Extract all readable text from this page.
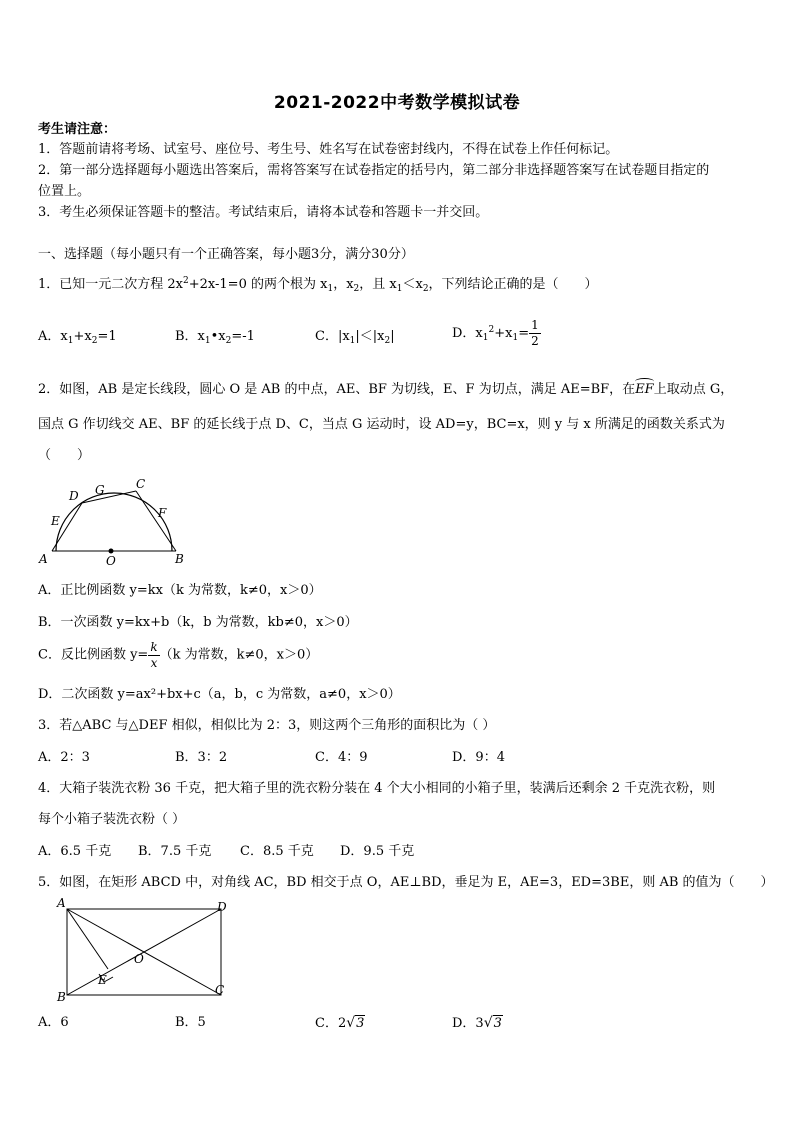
2021-2022中考数学模拟试卷
考生请注意：
1．答题前请将考场、试室号、座位号、考生号、姓名写在试卷密封线内，不得在试卷上作任何标记。
2．第一部分选择题每小题选出答案后，需将答案写在试卷指定的括号内，第二部分非选择题答案写在试卷题目指定的
位置上。
3．考生必须保证答题卡的整洁。考试结束后，请将本试卷和答题卡一并交回。
一、选择题（每小题只有一个正确答案，每小题3分，满分30分）
1．已知一元二次方程 $2x^2+2x-1=0$ 的两个根为 $x_1$，$x_2$，且 $x_1<x_2$，下列结论正确的是（　　）
A．$x_1+x_2=1$	B．$x_1•x_2=-1$	C．$|x_1|<|x_2|$	D．$x_1^2+x_1= \frac{1}{2}$
2．如图，AB 是定长线段，圆心 O 是 AB 的中点，AE、BF 为切线，E、F 为切点，满足 AE=BF，在
EF上取动点 G，
国点 G 作切线交 AE、BF 的延长线于点 D、C，当点 G 运动时，设 AD=y，BC=x，则 y 与 x 所满足的函数关系式为
（　　）
D G	C
E
F
A	O	B
A．正比例函数 y=kx（k 为常数，k≠0，x＞0）
B．一次函数 y=kx+b（k，b 为常数，kb≠0，x＞0）
C．反比例函数 $y= \frac{k}{x} (k$ 为常数，k≠0，x＞0）
D．二次函数 y=ax²+bx+c（a，b，c 为常数，a≠0，x＞0）
3．若△ABC 与△DEF 相似，相似比为 2：3，则这两个三角形的面积比为（ ）
A．2：3	B．3：2	C．4：9	D．9：4
4．大箱子装洗衣粉 36 千克，把大箱子里的洗衣粉分装在 4 个大小相同的小箱子里，装满后还剩余 2 千克洗衣粉，则
每个小箱子装洗衣粉（ ）
A．6.5 千克 B．7.5 千克 C．8.5 千克 D．9.5 千克
5．如图，在矩形 ABCD 中，对角线 AC，BD 相交于点 O，AE⊥BD，垂足为 E，AE=3，ED=3BE，则 AB 的值为（　　）
A	D
O
E
B	C
A．6	B．5	C．2√3	D．3√3
